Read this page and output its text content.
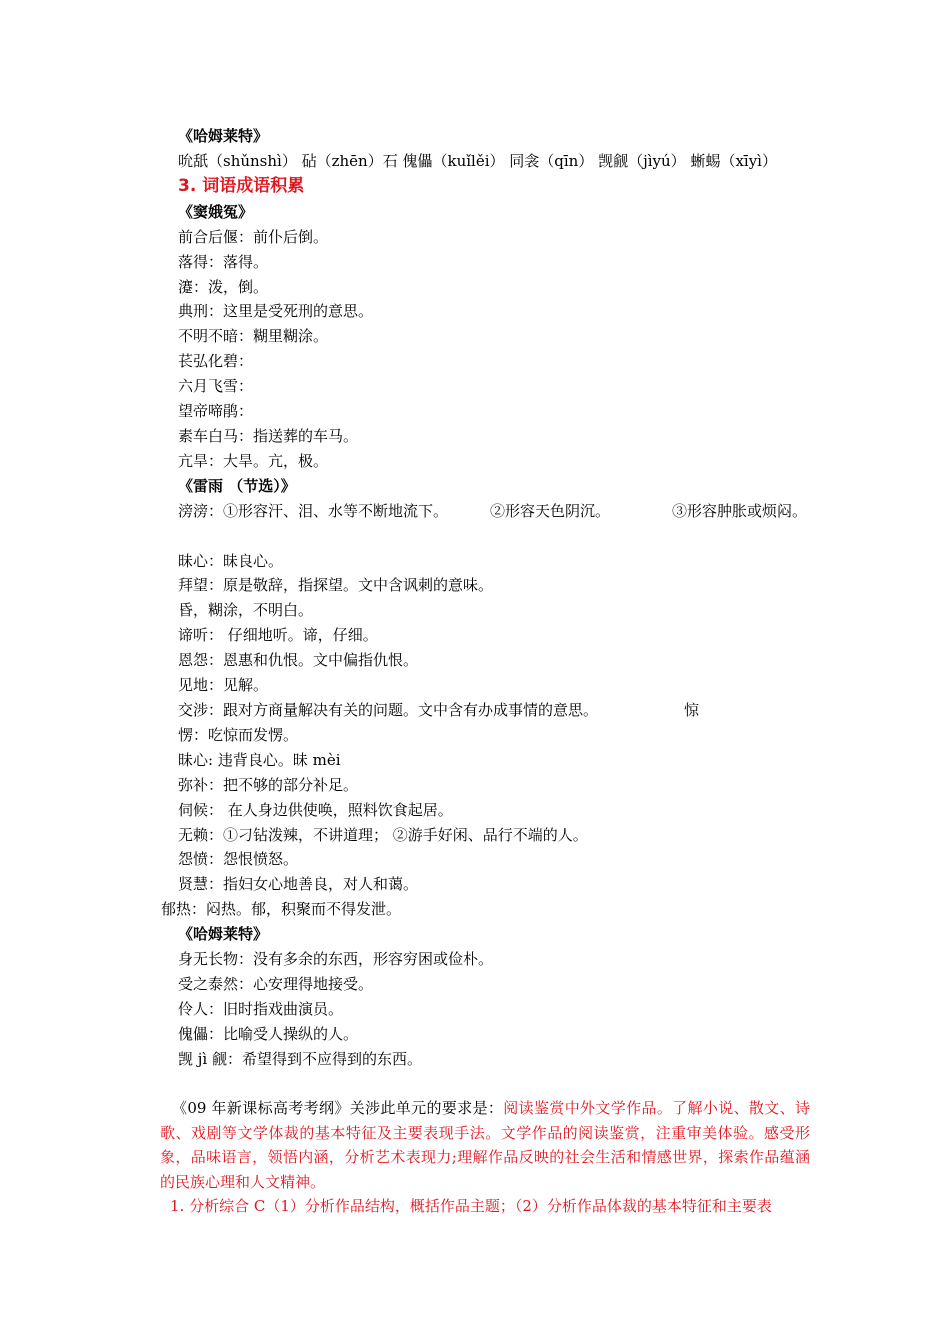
《哈姆莱特》
吮舐（shǔnshì） 砧（zhēn）石 傀儡（kuǐlěi） 同衾（qīn） 觊觎（jìyú） 蜥蜴（xīyì）
3. 词语成语积累
《窦娥冤》
前合后偃：前仆后倒。
落得：落得。
瀽：泼，倒。
典刑：这里是受死刑的意思。
不明不暗：糊里糊涂。
苌弘化碧：
六月飞雪：
望帝啼鹃：
素车白马：指送葬的车马。
亢旱：大旱。亢，极。
《雷雨 （节选）》
滂滂：①形容汗、泪、水等不断地流下。	②形容天色阴沉。	③形容肿胀或烦闷。
昧心：昧良心。
拜望：原是敬辞，指探望。文中含讽刺的意味。
昏，糊涂，不明白。
谛听： 仔细地听。谛，仔细。
恩怨：恩惠和仇恨。文中偏指仇恨。
见地：见解。
交涉：跟对方商量解决有关的问题。文中含有办成事情的意思。	惊
愣：吃惊而发愣。
昧心: 违背良心。昧 mèi
弥补：把不够的部分补足。
伺候： 在人身边供使唤，照料饮食起居。
无赖：①刁钻泼辣，不讲道理； ②游手好闲、品行不端的人。
怨愤：怨恨愤怒。
贤慧：指妇女心地善良，对人和蔼。
郁热：闷热。郁，积聚而不得发泄。
《哈姆莱特》
身无长物：没有多余的东西，形容穷困或俭朴。
受之泰然：心安理得地接受。
伶人：旧时指戏曲演员。
傀儡：比喻受人操纵的人。
觊 jì 觎：希望得到不应得到的东西。
《09 年新课标高考考纲》关涉此单元的要求是：阅读鉴赏中外文学作品。了解小说、散文、诗歌、戏剧等文学体裁的基本特征及主要表现手法。文学作品的阅读鉴赏，注重审美体验。感受形象，品味语言，领悟内涵，分析艺术表现力;理解作品反映的社会生活和情感世界，探索作品蕴涵的民族心理和人文精神。
1. 分析综合 C（1）分析作品结构，概括作品主题；（2）分析作品体裁的基本特征和主要表
